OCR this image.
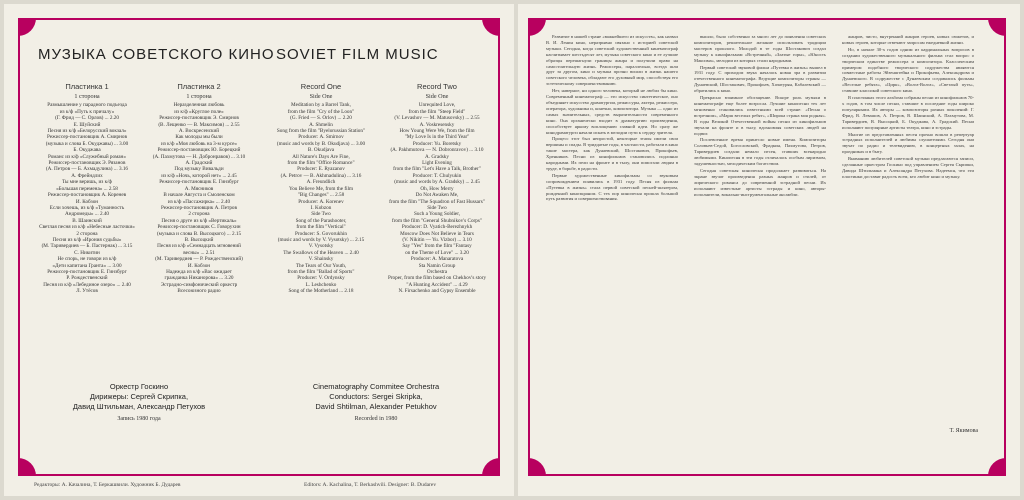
МУЗЫКА СОВЕТСКОГО КИНО SOVIET FILM MUSIC
Пластинка 1
1 сторона
Размышление у парадного подъезда
из к/ф «Путь к причалу»
(Г. Фрид — С. Орлов) ... 2.20
Е. Шуйский
Песня из к/ф «Белорусский вокзал»
Режиссер-постановщик А. Смирнов
(музыка и слова Б. Окуджавы) ... 3.00
Б. Окуджава
Романс из к/ф «Служебный роман»
Режиссер-постановщик Э. Рязанов
(А. Петров — Б. Ахмадулина) ... 3.16
А. Фрейндлих
Ты мне веришь, из к/ф
«Большая перемена» ... 2.58
Режиссер-постановщик А. Коренев
И. Кобзон
Если хочешь, из к/ф «Туманность
Андромеды» ... 2.40
В. Шаинский
Светлая песня из к/ф «Небесные ласточки»
2 сторона
Песня из к/ф «Ирония судьбы»
(М. Таривердиев — Б. Пастернак) ... 3.15
С. Никитин
Не спорь, не говори из к/ф
«Дети капитана Гранта» ... 3.00
Режиссер-постановщик Е. Гинзбург
Р. Рождественский
Песня из к/ф «Лебединое озеро» ... 2.40
Л. Утёсов
Пластинка 2
1 сторона
Неразделенная любовь
из к/ф «Круглое поле»
Режиссер-постановщик Э. Смирнов
(В. Лещенко — В. Максимов) ... 2.55
А. Воскресенский
Как молоды мы были
из к/ф «Моя любовь на 3-м курсе»
Режиссер-постановщик Ю. Борецкий
(А. Пахмутова — Н. Добронравов) ... 3.10
А. Градский
Под музыку Вивальди
из к/ф «Ночь, которой нет» ... 2.45
Режиссер-постановщик Е. Гинзбург
А. Мясников
В начале Августа и Смоленском
из к/ф «Пассажирка» ... 2.40
Режиссер-постановщик А. Петров
2 сторона
Песня о друге из к/ф «Вертикаль»
Режиссер-постановщик С. Говорухин
(музыка и слова В. Высоцкого) ... 2.15
В. Высоцкий
Песня из к/ф «Семнадцать мгновений
весны» ... 2.51
(М. Таривердиев — Р. Рождественский)
И. Кобзон
Надежда из к/ф «Вас ожидает
гражданка Никанорова» ... 3.20
Эстрадно-симфонический оркестр
Всесоюзного радио
Record One
Side One
Meditation by a Barrel Tank,
from the film "Cry of the Loon"
(G. Fried — S. Orlov) ... 2.20
A. Shmelin
Song from the film "Byelorussian Station"
Producer: A. Smirnov
(music and words by B. Okudjava) ... 3.00
B. Okudjava
All Nature's Days Are Fine,
from the film "Office Romance"
Producer: E. Ryazanov
(A. Petrov — B. Akhmadulina) ... 3.16
A. Freundlich
You Believe Me, from the film
"Big Changes" ... 2.58
Producer: A. Korenev
I. Kobzon
Side Two
Song of the Parashooter,
from the film "Vertical"
Producer: S. Govorukhin
(music and words by V. Vysotsky) ... 2.15
V. Vysotsky
The Swallows of the Heaven ... 2.40
V. Shainsky
The Tears of Our Youth,
from the film "Ballad of Sports"
Producer: V. Ordynsky
L. Leshchenko
Song of the Motherland ... 2.18
Record Two
Side One
Unrequited Love,
from the film "Steep Field"
(V. Levashov — M. Matusovsky) ... 2.55
A. Voskresensky
How Young Were We, from the film
"My Love Is in the Third Year"
Producer: Yu. Boretsky
(A. Pakhmutova — N. Dobronravov) ... 3.10
A. Gradsky
Light Evening
from the film "Let's Have a Talk, Brother"
Producer: T. Chulyukin
(music and words by A. Gradsky) ... 2.45
Oh, How Merry
Do Not Awaken Me,
from the film "The Squadron of Fast Hussars"
Side Two
Such a Young Soldier,
from the film "General Shubnikov's Corps"
Producer: D. Vyatich-Berezhnykh
Moscow Does Not Believe in Tears
(V. Nikitin — Yu. Vizbor) ... 3.10
Say "Yes" from the film "Fantasy
on the Theme of Love" ... 3.20
Producer: A. Manaratova
Sta Namin Group
Orchestra
Proper, from the film based on Chekhov's story
"A Hunting Accident" ... 4.29
N. Firsachenko and Gypsy Ensemble
Оркестр Госкино
Дирижеры: Сергей Скрипка,
Давид Штильман, Александр Петухов
Запись 1980 года
Cinematography Commitee Orchestra
Conductors: Sergei Skripka,
David Shtilman, Alexander Petukhov
Recorded in 1980
Редакторы: А. Качалина, Т. Беркашвили. Художник Б. Дударев	Editors: A. Kachalina, T. Berkashvili. Designer: B. Dudarev

Развитие в нашей стране «важнейшего из искусств», как назвал В. И. Ленин кино, неразрывно связано с историей советской музыки. Сегодня, когда советский художественный кинематограф насчитывает шестьдесят лет, музыка советского кино и ее лучшие образцы перешагнули границы жанра и получили право на самостоятельную жизнь. Режиссеры, параллельно, всегда шли друг за другом, кино и музыка прочно вошли в жизнь нашего советского человека, обладают его духовный мир, способствуя его эстетическому совершенствованию.

Нет, наверное, ни одного человека, который не любил бы кино. Современный кинематограф — это искусство синтетическое, оно объединяет искусство драматургии, режиссуры, актера, режиссера, оператора, художника и, конечно, композитора. Музыка — одно из самых значительных, средств выразительности современного кино. Она органически входит в драматургию произведения, способствует яркому воплощению главной идеи. Но сразу же кинодраматурги начали искать в мелодии пути к сердцу зрителя.

Процесс этот был непростой, некоторые этапы имели свои вершины и спады. В тридцатые годы, в частности, работали в кино такие мастера, как Дунаевский, Шостакович, Прокофьев, Хренников. Песни из кинофильмов становились подлинно народными. Их пели на фронте и в тылу, они помогали людям в труде, в борьбе, в радости.

Первые художественные кинофильмы со звуковым сопровождением появились в 1931 году. Песня из фильма «Путевка в жизнь» стала первой советской песней-шлягером, рожденной киноэкраном. С тех пор кинопесня прошла большой путь развития и совершенствования.

вышло, было собственно за много лет до появления советских композиторов, решительное желание использовать традиции мастеров прошлого. Молодой в те годы Шостакович создал музыку к кинофильмам «Встречный», «Златые горы», «Юность Максима», мелодии из которых стали народными.

Первый советский звуковой фильм «Путевка в жизнь» вышел в 1931 году. С приходом звука началась новая эра в развитии отечественного кинематографа. Ведущие композиторы страны — Дунаевский, Шостакович, Прокофьев, Хачатурян, Кабалевский — обратились к кино.

Прекрасно взаимное обогащение. Вскоре роль музыки в кинематографе еще более возросла. Лучшие кинопесни тех лет мгновенно становились известными всей стране: «Песня о встречном», «Марш веселых ребят», «Широка страна моя родная». В годы Великой Отечественной войны песни из кинофильмов звучали на фронте и в тылу, вдохновляя советских людей на подвиг.

Послевоенное время принесло новые имена. Композиторы Соловьев-Седой, Богословский, Фрадкин, Пахмутова, Петров, Таривердиев создали немало песен, ставших всенародно любимыми. Кинопесня в эти годы отличалась особым лиризмом, задушевностью, мелодическим богатством.

Сегодня советская кинопесня продолжает развиваться. На экране звучат произведения разных жанров и стилей, от лирического романса до современной эстрадной песни. Их исполняют известные артисты эстрады и кино, авторы-исполнители, вокально-инструментальные ансамбли.

жанров, чисто, внутренний жанров героев, новых сюжетов, и новых героев, которые отвечают запросам ежедневной жизни.

Но, в начале 30-х годов одним из кардинальных вопросов в создании художественного музыкального фильма стал вопрос о творческом единстве режиссера и композитора. Классическим примером подобного творческого содружества являются совместные работы Эйзенштейна и Прокофьева, Александрова и Дунаевского. В содружестве с Дунаевским создавались фильмы «Веселые ребята», «Цирк», «Волга-Волга», «Светлый путь», ставшие классикой советского кино.

В пластинках этого альбома собраны песни из кинофильмов 70-х годов, в том числе песни, ставшие в последние годы широко популярными. Их авторы — композиторы разных поколений: Г. Фрид, В. Левашов, А. Петров, В. Шаинский, А. Пахмутова, М. Таривердиев, В. Высоцкий, Б. Окуджава, А. Градский. Песни исполняют популярные артисты театра, кино и эстрады.

Многие из представленных песен прочно вошли в репертуар эстрадных исполнителей и любимы слушателями. Сегодня они звучат по радио и телевидению, в концертных залах, на праздниках и в быту.

Вниманию любителей советской музыки предлагаются записи, сделанные оркестром Госкино под управлением Сергея Скрипки, Давида Штильмана и Александра Петухова. Надеемся, что эти пластинки доставят радость всем, кто любит кино и музыку.

Т. Якимова
